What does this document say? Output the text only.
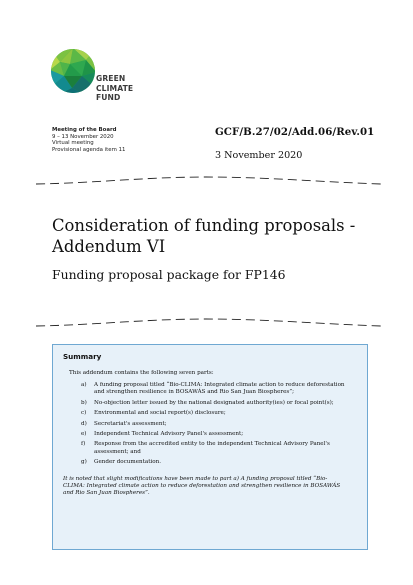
GREEN
CLIMATE
FUND
Meeting of the Board
9 – 13 November 2020
Virtual meeting
Provisional agenda item 11
GCF/B.27/02/Add.06/Rev.01
3 November 2020
Consideration of funding proposals -
Addendum VI
Funding proposal package for FP146
Summary
This addendum contains the following seven parts:
a)	A funding proposal titled “Bio-CLIMA: Integrated climate action to reduce deforestation and strengthen resilience in BOSAWÁS and Rio San Juan Biospheres”;
b)	No-objection letter issued by the national designated authority(ies) or focal point(s);
c)	Environmental and social report(s) disclosure;
d)	Secretariat's assessment;
e)	Independent Technical Advisory Panel's assessment;
f)	Response from the accredited entity to the independent Technical Advisory Panel's assessment; and
g)	Gender documentation.
It is noted that slight modifications have been made to part a) A funding proposal titled “Bio-CLIMA: Integrated climate action to reduce deforestation and strengthen resilience in BOSAWÁS and Rio San Juan Biospheres”.
